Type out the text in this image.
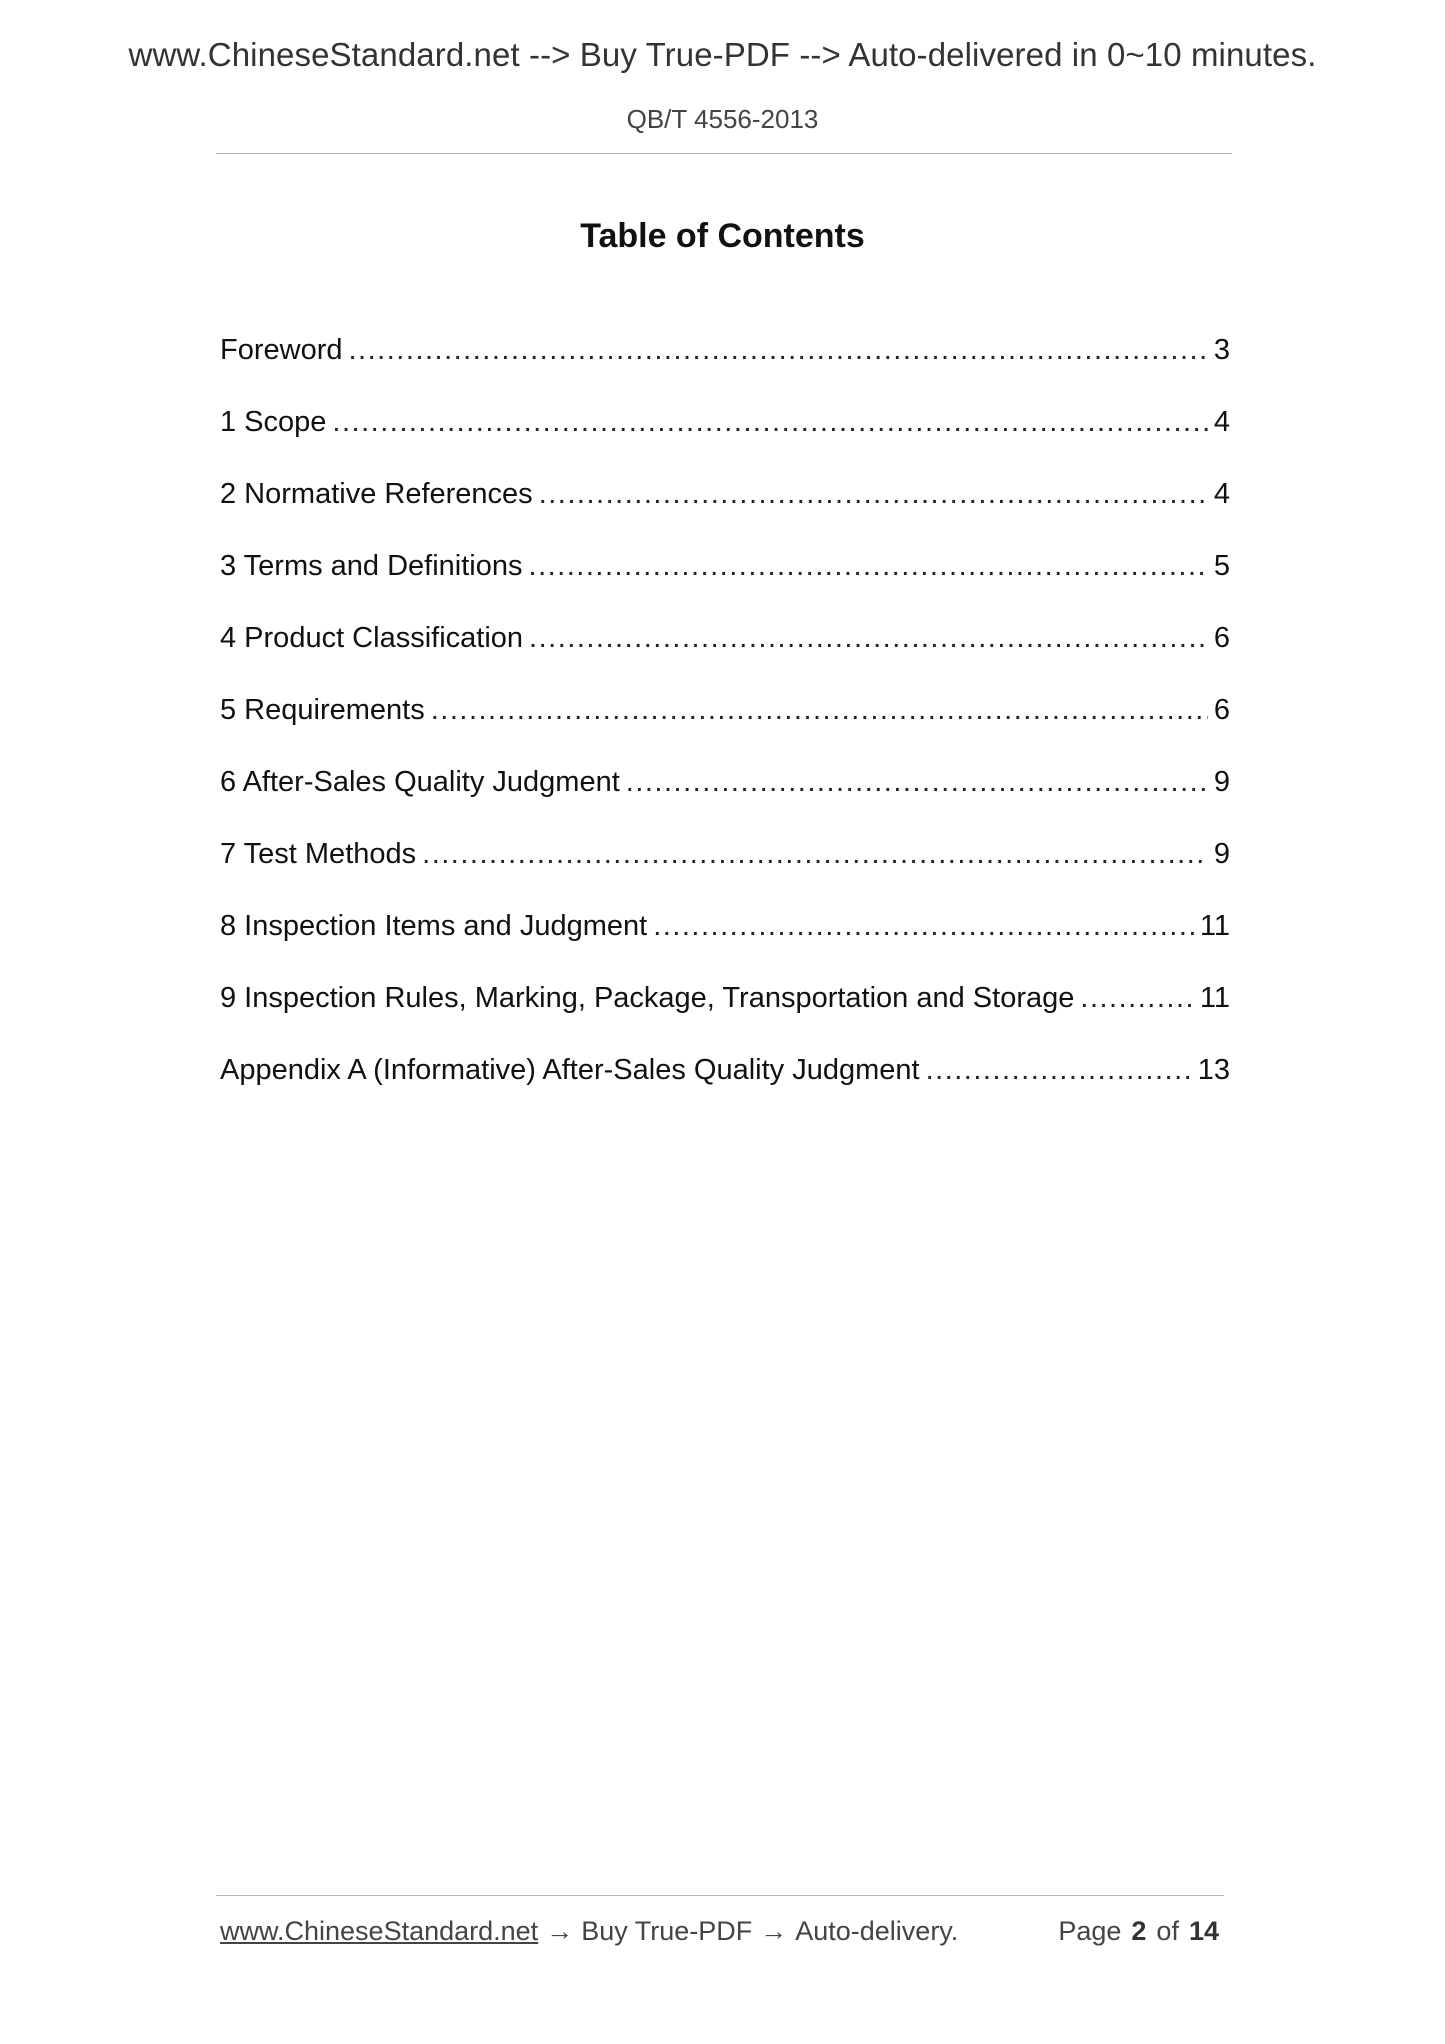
www.ChineseStandard.net --> Buy True-PDF --> Auto-delivered in 0~10 minutes.
QB/T 4556-2013
Table of Contents
Foreword .....	3
1 Scope .....	4
2 Normative References .....	4
3 Terms and Definitions .....	5
4 Product Classification .....	6
5 Requirements .....	6
6 After-Sales Quality Judgment .....	9
7 Test Methods .....	9
8 Inspection Items and Judgment .....	11
9 Inspection Rules, Marking, Package, Transportation and Storage .....	11
Appendix A (Informative) After-Sales Quality Judgment .....	13
www.ChineseStandard.net → Buy True-PDF → Auto-delivery.	Page 2 of 14
